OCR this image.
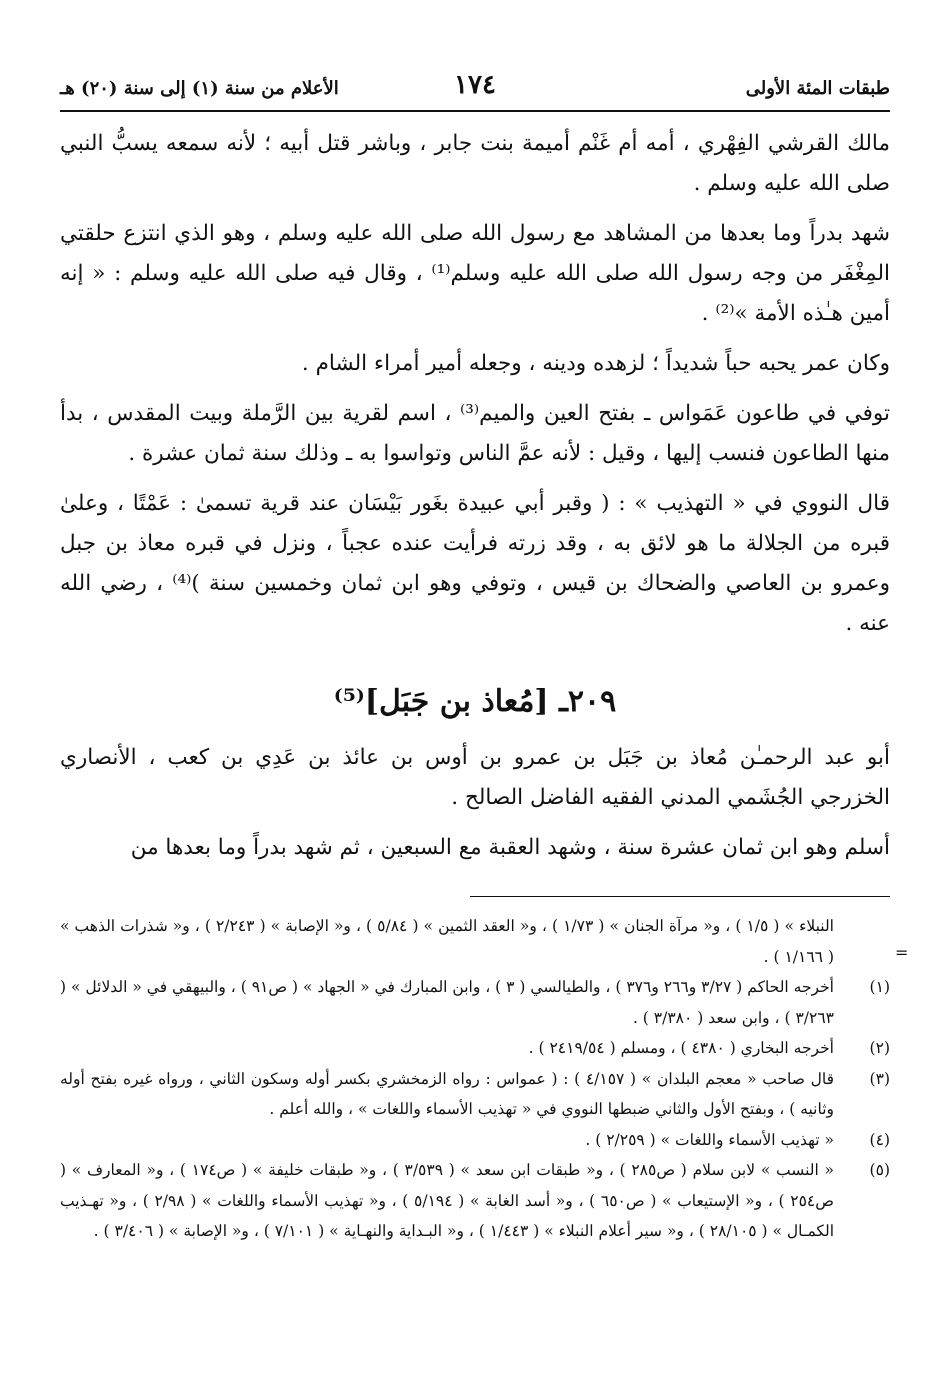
طبقات المئة الأولى
١٧٤
الأعلام من سنة (١) إلى سنة (٢٠) هـ

مالك القرشي الفِهْري ، أمه أم غَنْم أميمة بنت جابر ، وباشر قتل أبيه ؛ لأنه سمعه يسبُّ النبي صلى الله عليه وسلم .

شهد بدراً وما بعدها من المشاهد مع رسول الله صلى الله عليه وسلم ، وهو الذي انتزع حلقتي المِغْفَر من وجه رسول الله صلى الله عليه وسلم⁽¹⁾ ، وقال فيه صلى الله عليه وسلم : « إنه أمين هـٰذه الأمة »⁽²⁾ .

وكان عمر يحبه حباً شديداً ؛ لزهده ودينه ، وجعله أمير أمراء الشام .

توفي في طاعون عَمَواس ـ بفتح العين والميم⁽³⁾ ، اسم لقرية بين الرَّملة وبيت المقدس ، بدأ منها الطاعون فنسب إليها ، وقيل : لأنه عمَّ الناس وتواسوا به ـ وذلك سنة ثمان عشرة .

قال النووي في « التهذيب » : ( وقبر أبي عبيدة بغَور بَيْسَان عند قرية تسمىٰ : عَمْتًا ، وعلىٰ قبره من الجلالة ما هو لائق به ، وقد زرته فرأيت عنده عجباً ، ونزل في قبره معاذ بن جبل وعمرو بن العاصي والضحاك بن قيس ، وتوفي وهو ابن ثمان وخمسين سنة )⁽⁴⁾ ، رضي الله عنه .

٢٠٩ـ [مُعاذ بن جَبَل]⁽⁵⁾

أبو عبد الرحمـٰن مُعاذ بن جَبَل بن عمرو بن أوس بن عائذ بن عَدِي بن كعب ، الأنصاري الخزرجي الجُشَمي المدني الفقيه الفاضل الصالح .

أسلم وهو ابن ثمان عشرة سنة ، وشهد العقبة مع السبعين ، ثم شهد بدراً وما بعدها من

النبلاء » ( ١/٥ ) ، و« مرآة الجنان » ( ١/٧٣ ) ، و« العقد الثمين » ( ٥/٨٤ ) ، و« الإصابة » ( ٢/٢٤٣ ) ، و« شذرات الذهب » ( ١/١٦٦ ) .
(١)
أخرجه الحاكم ( ٣/٢٧ و٢٦٦ و٣٧٦ ) ، والطيالسي ( ٣ ) ، وابن المبارك في « الجهاد » ( ص٩١ ) ، والبيهقي في « الدلائل » ( ٣/٢٦٣ ) ، وابن سعد ( ٣/٣٨٠ ) .
(٢)
أخرجه البخاري ( ٤٣٨٠ ) ، ومسلم ( ٢٤١٩/٥٤ ) .
(٣)
قال صاحب « معجم البلدان » ( ٤/١٥٧ ) : ( عمواس : رواه الزمخشري بكسر أوله وسكون الثاني ، ورواه غيره بفتح أوله وثانيه ) ، وبفتح الأول والثاني ضبطها النووي في « تهذيب الأسماء واللغات » ، والله أعلم .
(٤)
« تهذيب الأسماء واللغات » ( ٢/٢٥٩ ) .
(٥)
« النسب » لابن سلام ( ص٢٨٥ ) ، و« طبقات ابن سعد » ( ٣/٥٣٩ ) ، و« طبقات خليفة » ( ص١٧٤ ) ، و« المعارف » ( ص٢٥٤ ) ، و« الإستيعاب » ( ص٦٥٠ ) ، و« أسد الغابة » ( ٥/١٩٤ ) ، و« تهذيب الأسماء واللغات » ( ٢/٩٨ ) ، و« تهـذيب الكمـال » ( ٢٨/١٠٥ ) ، و« سير أعلام النبلاء » ( ١/٤٤٣ ) ، و« البـداية والنهـاية » ( ٧/١٠١ ) ، و« الإصابة » ( ٣/٤٠٦ ) .
=
